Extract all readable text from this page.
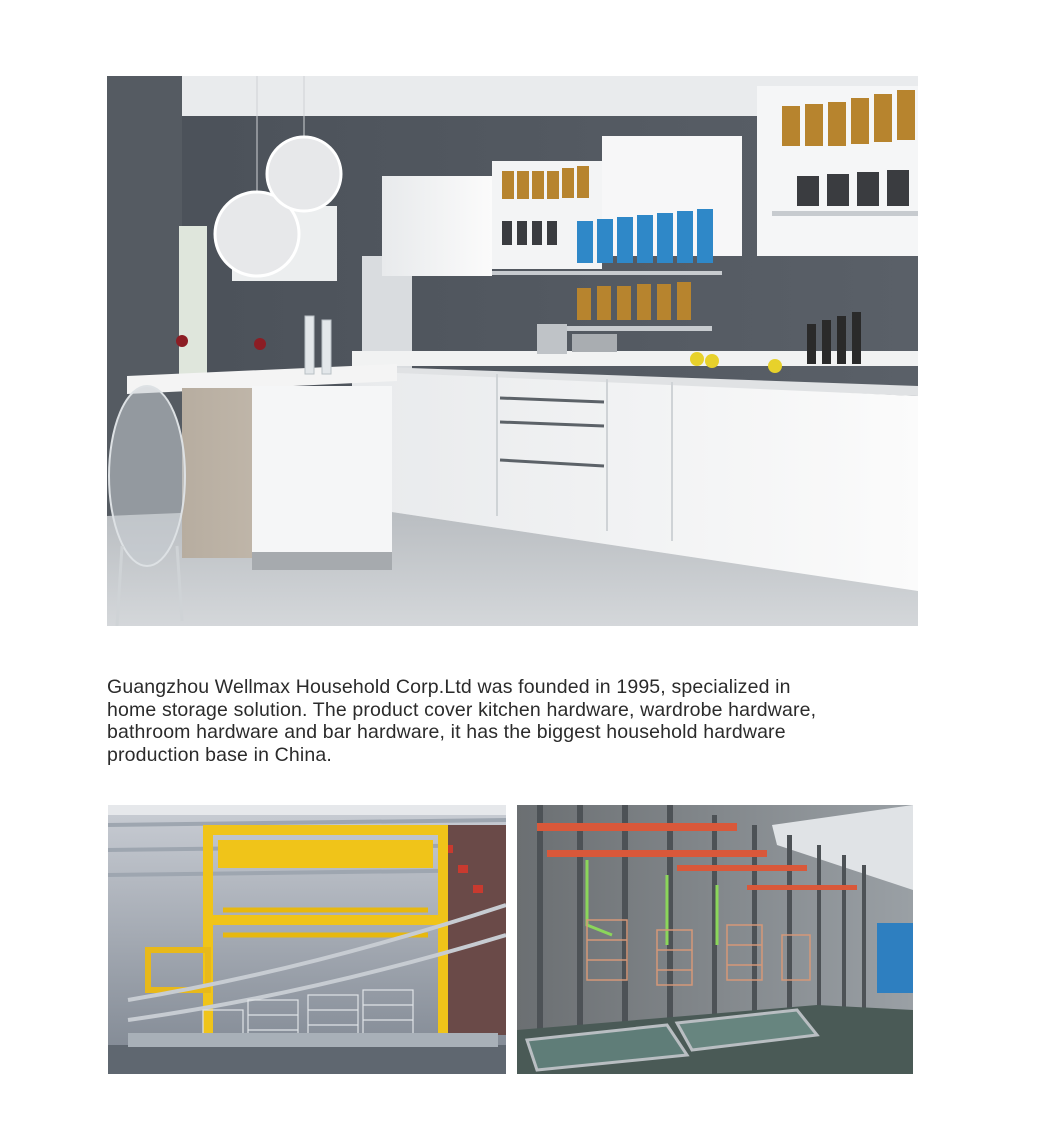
Guangzhou Wellmax Household Corp.Ltd was founded in 1995, specialized in
home storage solution. The product cover kitchen hardware, wardrobe hardware,
bathroom hardware and bar hardware, it has the biggest household hardware
production base in China.
